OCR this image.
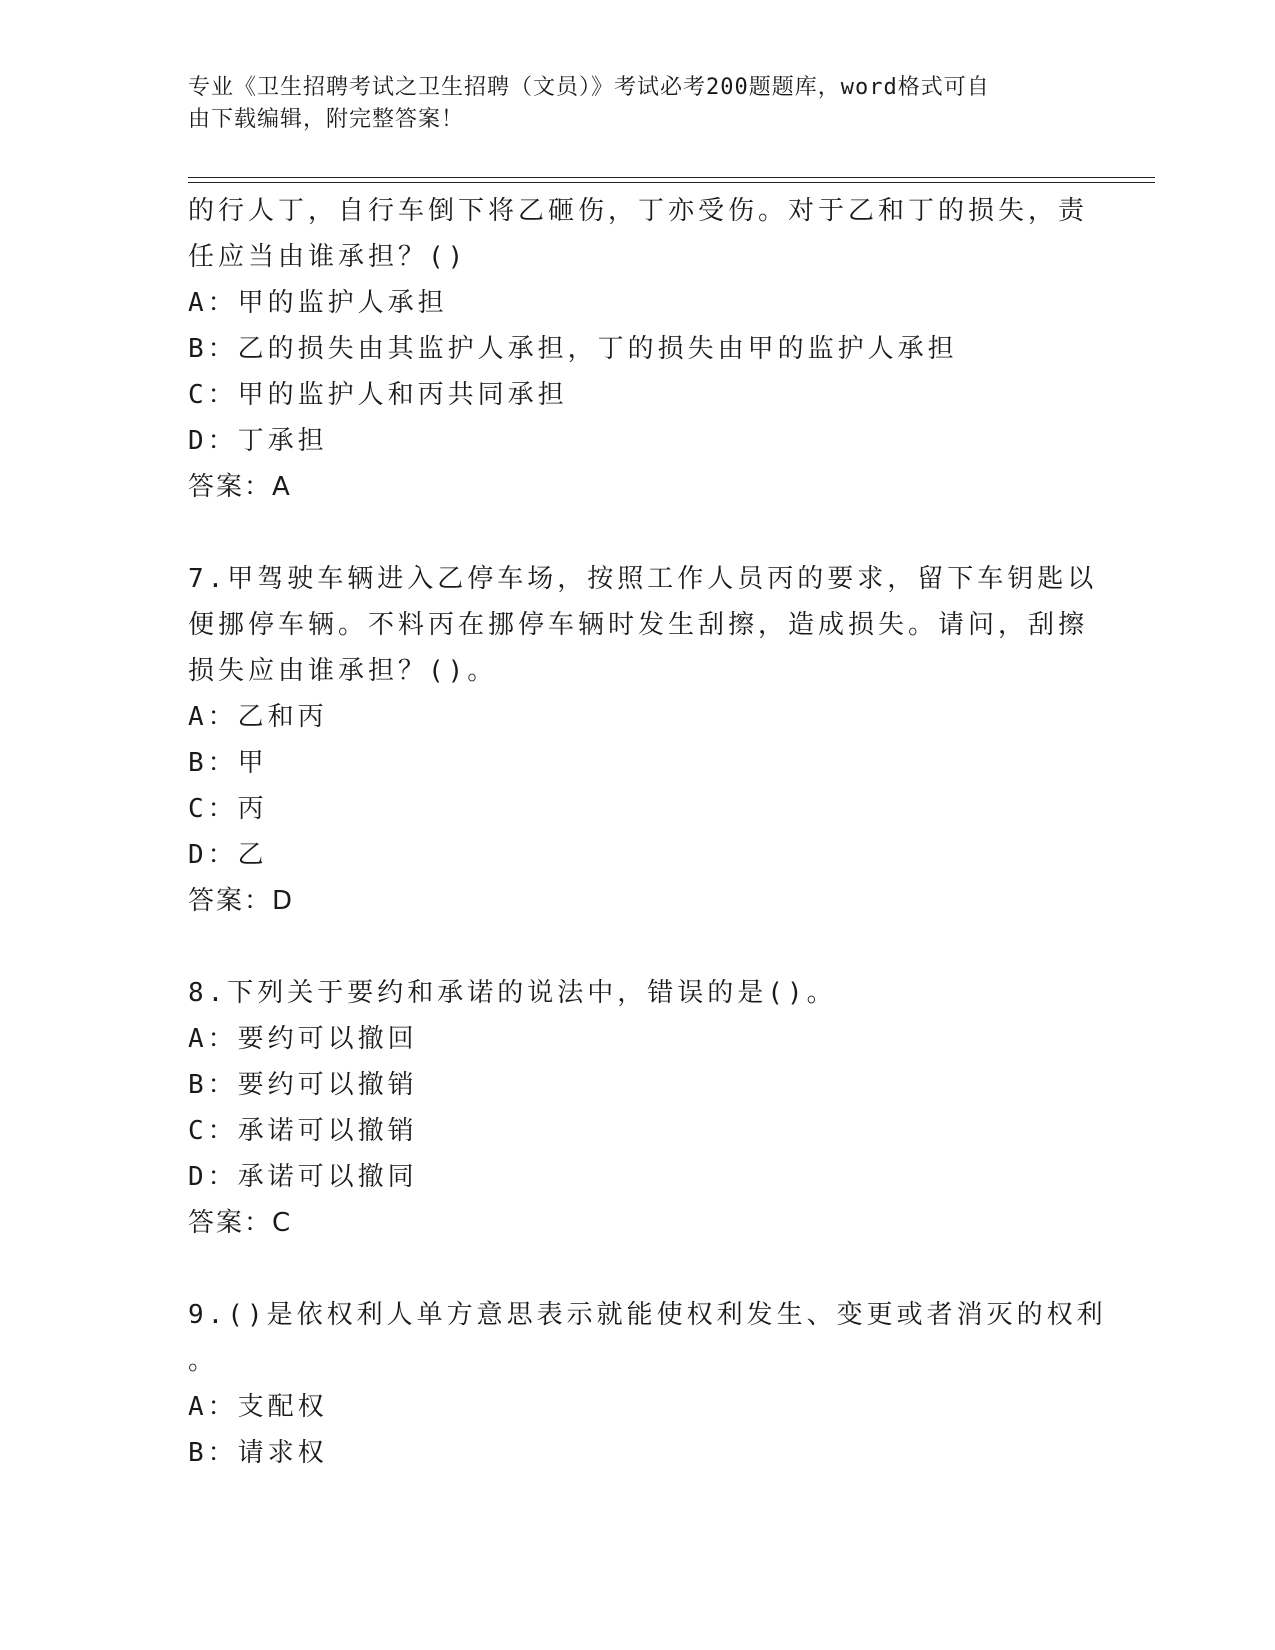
专业《卫生招聘考试之卫生招聘（文员）》考试必考200题题库，word格式可自
由下载编辑，附完整答案！
的行人丁，自行车倒下将乙砸伤，丁亦受伤。对于乙和丁的损失，责
任应当由谁承担？()
A：甲的监护人承担
B：乙的损失由其监护人承担，丁的损失由甲的监护人承担
C：甲的监护人和丙共同承担
D：丁承担
答案：A
7.甲驾驶车辆进入乙停车场，按照工作人员丙的要求，留下车钥匙以
便挪停车辆。不料丙在挪停车辆时发生刮擦，造成损失。请问，刮擦
损失应由谁承担？()。
A：乙和丙
B：甲
C：丙
D：乙
答案：D
8.下列关于要约和承诺的说法中，错误的是()。
A：要约可以撤回
B：要约可以撤销
C：承诺可以撤销
D：承诺可以撤同
答案：C
9.()是依权利人单方意思表示就能使权利发生、变更或者消灭的权利
。
A：支配权
B：请求权
